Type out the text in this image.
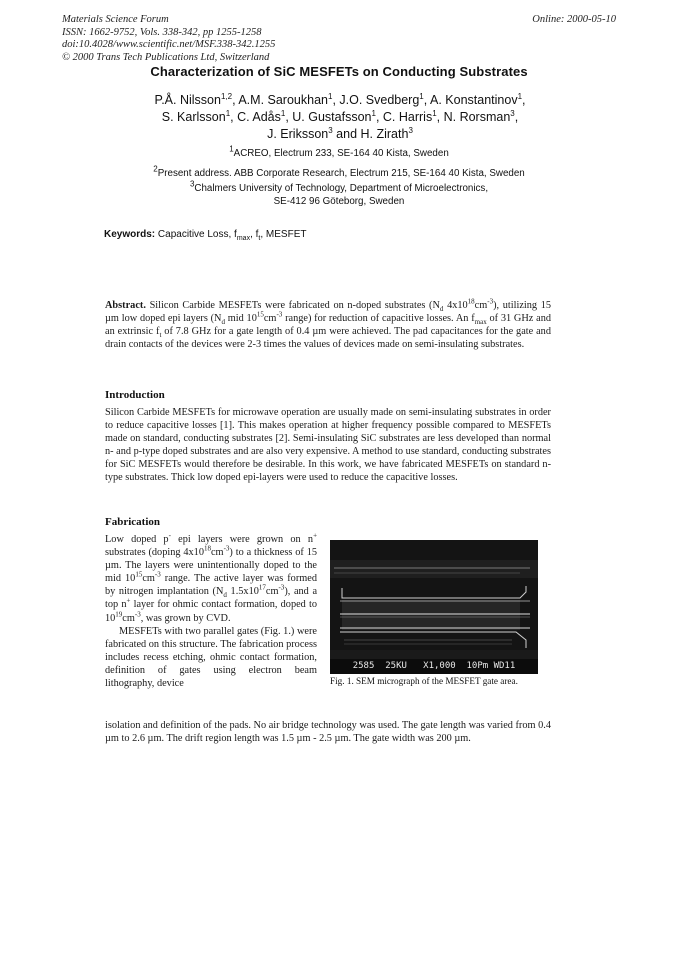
Materials Science Forum
ISSN: 1662-9752, Vols. 338-342, pp 1255-1258
doi:10.4028/www.scientific.net/MSF.338-342.1255
© 2000 Trans Tech Publications Ltd, Switzerland
Online: 2000-05-10
Characterization of SiC MESFETs on Conducting Substrates
P.Å. Nilsson$^{1,2}$, A.M. Saroukhan$^1$, J.O. Svedberg$^1$, A. Konstantinov$^1$,
S. Karlsson$^1$, C. Adås$^1$, U. Gustafsson$^1$, C. Harris$^1$, N. Rorsman$^3$,
J. Eriksson$^3$ and H. Zirath$^3$
$^1$ACREO, Electrum 233, SE-164 40 Kista, Sweden
$^2$Present address. ABB Corporate Research, Electrum 215, SE-164 40 Kista, Sweden
$^3$Chalmers University of Technology, Department of Microelectronics,
SE-412 96 Göteborg, Sweden
Keywords: Capacitive Loss, $f_{max}$, $f_t$, MESFET
Abstract. Silicon Carbide MESFETs were fabricated on n-doped substrates ($N_d$ $4x10^{18}cm^{-3}$), utilizing 15 µm low doped epi layers ($N_d$ mid $10^{15}cm^{-3}$ range) for reduction of capacitive losses. An $f_{max}$ of 31 GHz and an extrinsic $f_t$ of 7.8 GHz for a gate length of 0.4 µm were achieved. The pad capacitances for the gate and drain contacts of the devices were 2-3 times the values of devices made on semi-insulating substrates.
Introduction
Silicon Carbide MESFETs for microwave operation are usually made on semi-insulating substrates in order to reduce capacitive losses [1]. This makes operation at higher frequency possible compared to MESFETs made on standard, conducting substrates [2]. Semi-insulating SiC substrates are less developed than normal n- and p-type doped substrates and are also very expensive. A method to use standard, conducting substrates for SiC MESFETs would therefore be desirable. In this work, we have fabricated MESFETs on standard n-type substrates. Thick low doped epi-layers were used to reduce the capacitive losses.
Fabrication

Low doped p- epi layers were grown on n+ substrates (doping $4x10^{18}cm^{-3}$) to a thickness of 15 µm. The layers were unintentionally doped to the mid $10^{15}cm^{-3}$ range. The active layer was formed by nitrogen implantation ($N_d$ $1.5x10^{17}cm^{-3}$), and a top n+ layer for ohmic contact formation, doped to $10^{19}cm^{-3}$, was grown by CVD.

MESFETs with two parallel gates (Fig. 1.) were fabricated on this structure. The fabrication process includes recess etching, ohmic contact formation, definition of gates using electron beam lithography, device

isolation and definition of the pads. No air bridge technology was used. The gate length was varied from 0.4 µm to 2.6 µm. The drift region length was 1.5 µm - 2.5 µm. The gate width was 200 µm.
2585  25KU   X1,000  10Pm WD11
Fig. 1. SEM micrograph of the MESFET gate area.
